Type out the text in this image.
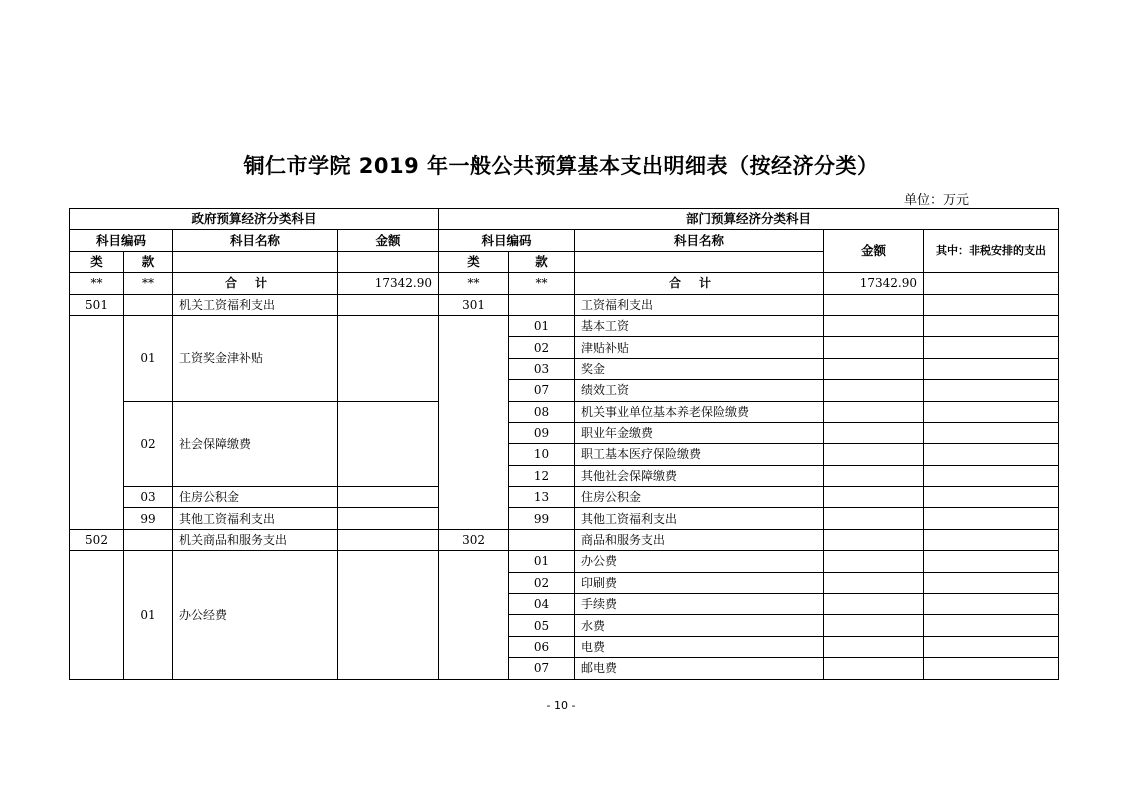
铜仁市学院 2019 年一般公共预算基本支出明细表（按经济分类）
单位：万元
政府预算经济分类科目				部门预算经济分类科目				
科目编码		科目名称	金额	科目编码		科目名称	金额	其中：非税安排的支出
类	款			类	款			
**	**	合计	17342.90	**	**	合计	17342.90	
501		机关工资福利支出		301		工资福利支出		
	01	工资奖金津补贴			01	基本工资		
					02	津贴补贴		
					03	奖金		
					07	绩效工资		
	02	社会保障缴费			08	机关事业单位基本养老保险缴费		
					09	职业年金缴费		
					10	职工基本医疗保险缴费		
					12	其他社会保障缴费		
	03	住房公积金			13	住房公积金		
	99	其他工资福利支出			99	其他工资福利支出		
502		机关商品和服务支出		302		商品和服务支出		
	01	办公经费			01	办公费		
					02	印刷费		
					04	手续费		
					05	水费		
					06	电费		
					07	邮电费		
- 10 -
